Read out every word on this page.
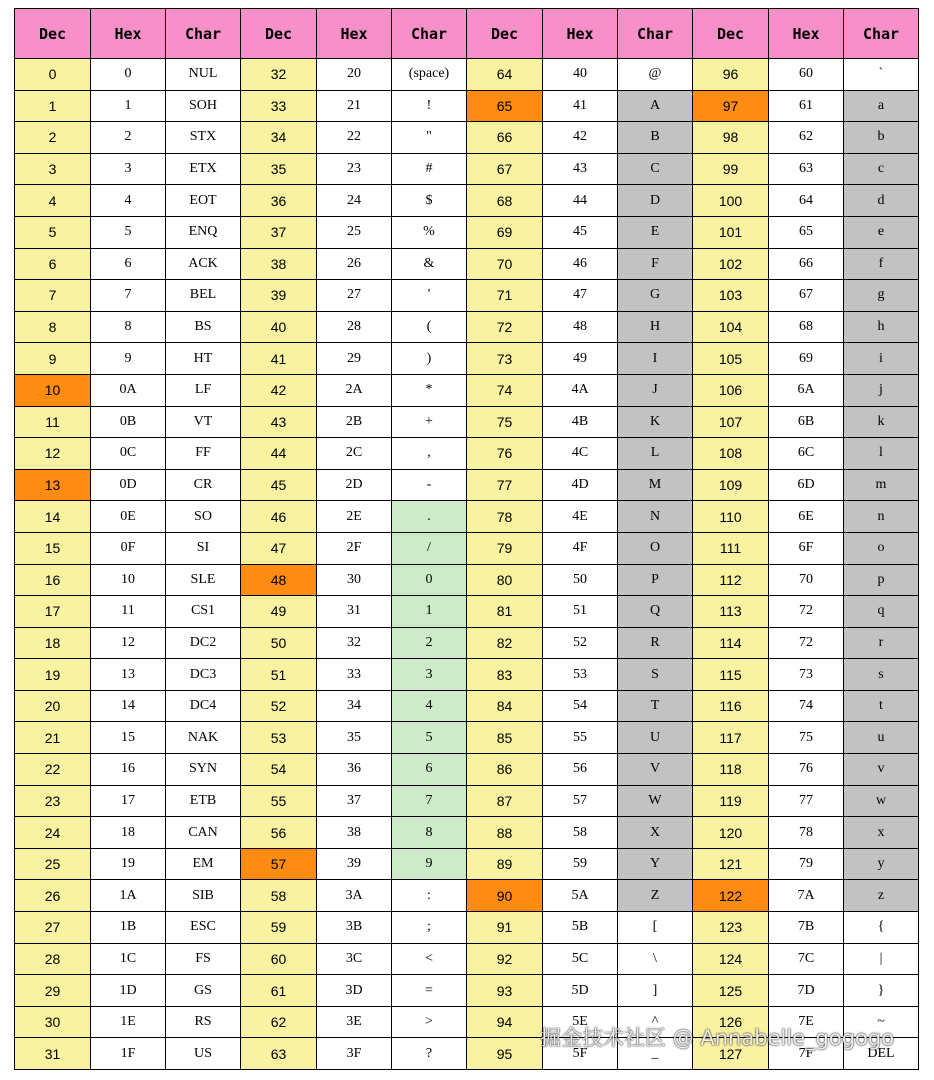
Dec	Hex	Char	Dec	Hex	Char	Dec	Hex	Char	Dec	Hex	Char
0	0	NUL	32	20	(space)	64	40	@	96	60	`
1	1	SOH	33	21	!	65	41	A	97	61	a
2	2	STX	34	22	"	66	42	B	98	62	b
3	3	ETX	35	23	#	67	43	C	99	63	c
4	4	EOT	36	24	$	68	44	D	100	64	d
5	5	ENQ	37	25	%	69	45	E	101	65	e
6	6	ACK	38	26	&	70	46	F	102	66	f
7	7	BEL	39	27	'	71	47	G	103	67	g
8	8	BS	40	28	(	72	48	H	104	68	h
9	9	HT	41	29	)	73	49	I	105	69	i
10	0A	LF	42	2A	*	74	4A	J	106	6A	j
11	0B	VT	43	2B	+	75	4B	K	107	6B	k
12	0C	FF	44	2C	,	76	4C	L	108	6C	l
13	0D	CR	45	2D	-	77	4D	M	109	6D	m
14	0E	SO	46	2E	.	78	4E	N	110	6E	n
15	0F	SI	47	2F	/	79	4F	O	111	6F	o
16	10	SLE	48	30	0	80	50	P	112	70	p
17	11	CS1	49	31	1	81	51	Q	113	72	q
18	12	DC2	50	32	2	82	52	R	114	72	r
19	13	DC3	51	33	3	83	53	S	115	73	s
20	14	DC4	52	34	4	84	54	T	116	74	t
21	15	NAK	53	35	5	85	55	U	117	75	u
22	16	SYN	54	36	6	86	56	V	118	76	v
23	17	ETB	55	37	7	87	57	W	119	77	w
24	18	CAN	56	38	8	88	58	X	120	78	x
25	19	EM	57	39	9	89	59	Y	121	79	y
26	1A	SIB	58	3A	:	90	5A	Z	122	7A	z
27	1B	ESC	59	3B	;	91	5B	[	123	7B	{
28	1C	FS	60	3C	<	92	5C	\	124	7C	|
29	1D	GS	61	3D	=	93	5D	]	125	7D	}
30	1E	RS	62	3E	>	94	5E	^	126	7E	~
31	1F	US	63	3F	?	95	5F	_	127	7F	DEL
掘金技术社区 @ Annabelle_gogogo
